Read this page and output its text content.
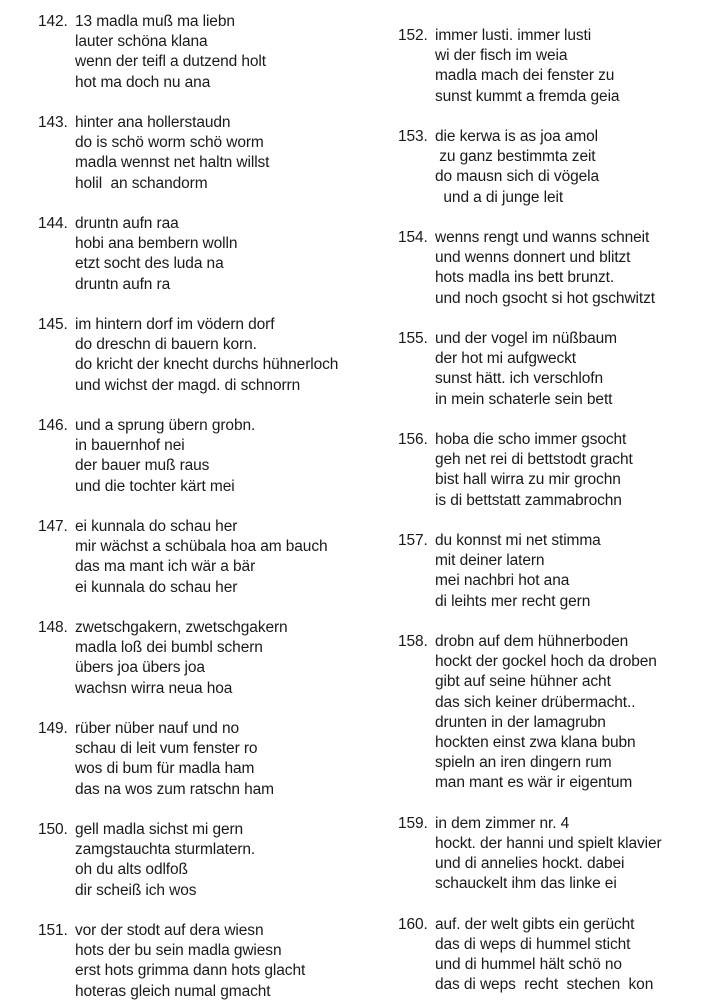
142. 13 madla muß ma liebn
lauter schöna klana
wenn der teifl a dutzend holt
hot ma doch nu ana
143. hinter ana hollerstaudn
do is schö worm schö worm
madla wennst net haltn willst
holil  an schandorm
144. druntn aufn raa
hobi ana bembern wolln
etzt socht des luda na
druntn aufn ra
145. im hintern dorf im vödern dorf
do dreschn di bauern korn.
do kricht der knecht durchs hühnerloch
und wichst der magd. di schnorrn
146. und a sprung übern grobn.
in bauernhof nei
der bauer muß raus
und die tochter kärt mei
147. ei kunnala do schau her
mir wächst a schübala hoa am bauch
das ma mant ich wär a bär
ei kunnala do schau her
148. zwetschgakern, zwetschgakern
madla loß dei bumbl schern
übers joa übers joa
wachsn wirra neua hoa
149. rüber nüber nauf und no
schau di leit vum fenster ro
wos di bum für madla ham
das na wos zum ratschn ham
150. gell madla sichst mi gern
zamgstauchta sturmlatern.
oh du alts odlfoß
dir scheiß ich wos
151. vor der stodt auf dera wiesn
hots der bu sein madla gwiesn
erst hots grimma dann hots glacht
hoteras gleich numal gmacht
152. immer lusti. immer lusti
wi der fisch im weia
madla mach dei fenster zu
sunst kummt a fremda geia
153. die kerwa is as joa amol
zu ganz bestimmta zeit
do mausn sich di vögela
und a di junge leit
154. wenns rengt und wanns schneit
und wenns donnert und blitzt
hots madla ins bett brunzt.
und noch gsocht si hot gschwitzt
155. und der vogel im nüßbaum
der hot mi aufgweckt
sunst hätt. ich verschlofn
in mein schaterle sein bett
156. hoba die scho immer gsocht
geh net rei di bettstodt gracht
bist hall wirra zu mir grochn
is di bettstatt zammabrochn
157. du konnst mi net stimma
mit deiner latern
mei nachbri hot ana
di leihts mer recht gern
158. drobn auf dem hühnerboden
hockt der gockel hoch da droben
gibt auf seine hühner acht
das sich keiner drübermacht..
drunten in der lamagrubn
hockten einst zwa klana bubn
spieln an iren dingern rum
man mant es wär ir eigentum
159. in dem zimmer nr. 4
hockt. der hanni und spielt klavier
und di annelies hockt. dabei
schauckelt ihm das linke ei
160. auf. der welt gibts ein gerücht
das di weps di hummel sticht
und di hummel hält schö no
das di weps  recht  stechen  kon
